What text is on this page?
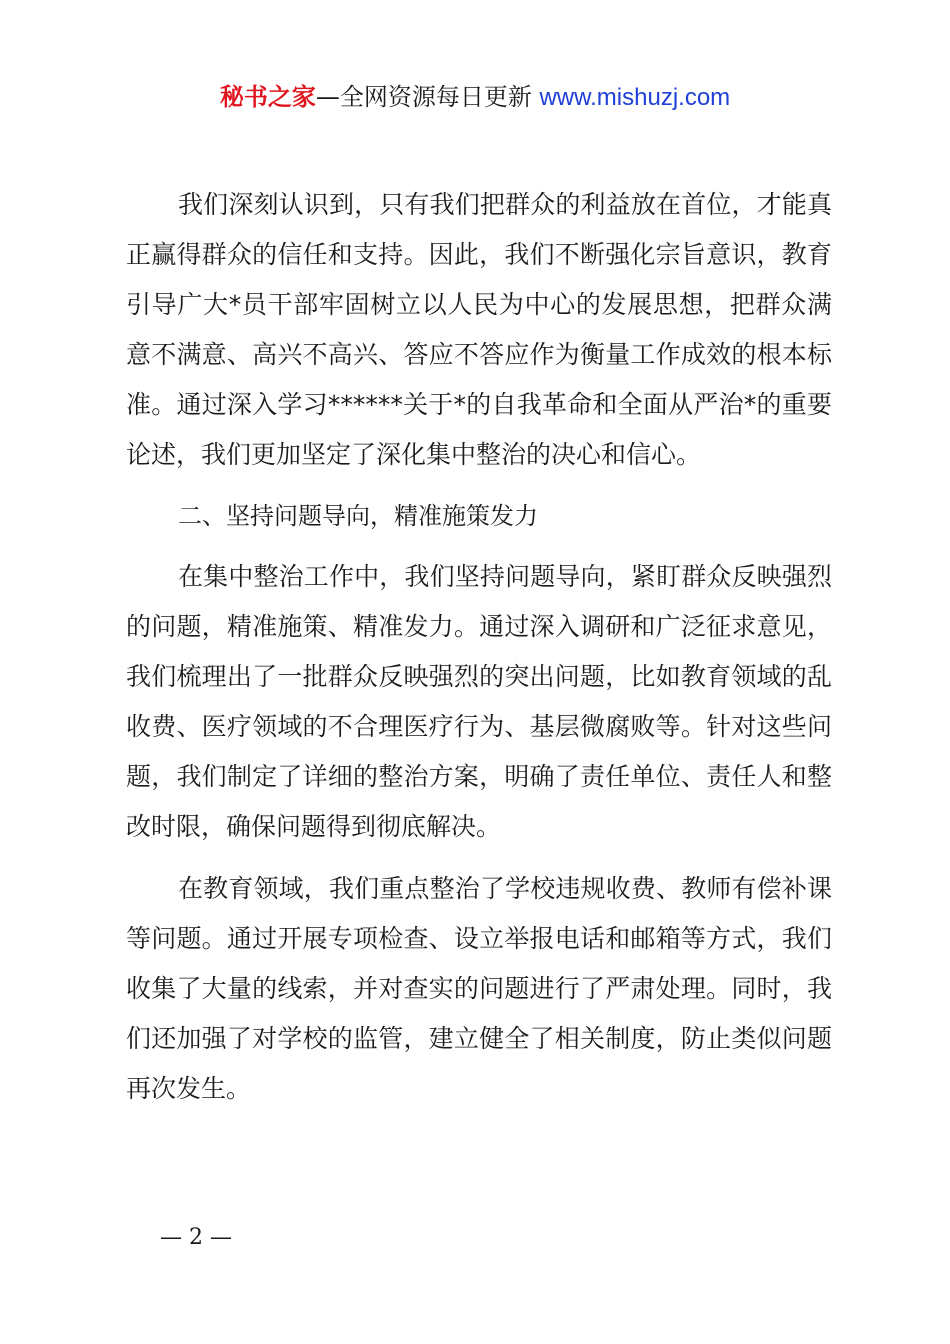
秘书之家—全网资源每日更新 www.mishuzj.com

我们深刻认识到，只有我们把群众的利益放在首位，才能真正赢得群众的信任和支持。因此，我们不断强化宗旨意识，教育引导广大*员干部牢固树立以人民为中心的发展思想，把群众满意不满意、高兴不高兴、答应不答应作为衡量工作成效的根本标准。通过深入学习******关于*的自我革命和全面从严治*的重要论述，我们更加坚定了深化集中整治的决心和信心。

二、坚持问题导向，精准施策发力

在集中整治工作中，我们坚持问题导向，紧盯群众反映强烈的问题，精准施策、精准发力。通过深入调研和广泛征求意见，我们梳理出了一批群众反映强烈的突出问题，比如教育领域的乱收费、医疗领域的不合理医疗行为、基层微腐败等。针对这些问题，我们制定了详细的整治方案，明确了责任单位、责任人和整改时限，确保问题得到彻底解决。

在教育领域，我们重点整治了学校违规收费、教师有偿补课等问题。通过开展专项检查、设立举报电话和邮箱等方式，我们收集了大量的线索，并对查实的问题进行了严肃处理。同时，我们还加强了对学校的监管，建立健全了相关制度，防止类似问题再次发生。

— 2 —
